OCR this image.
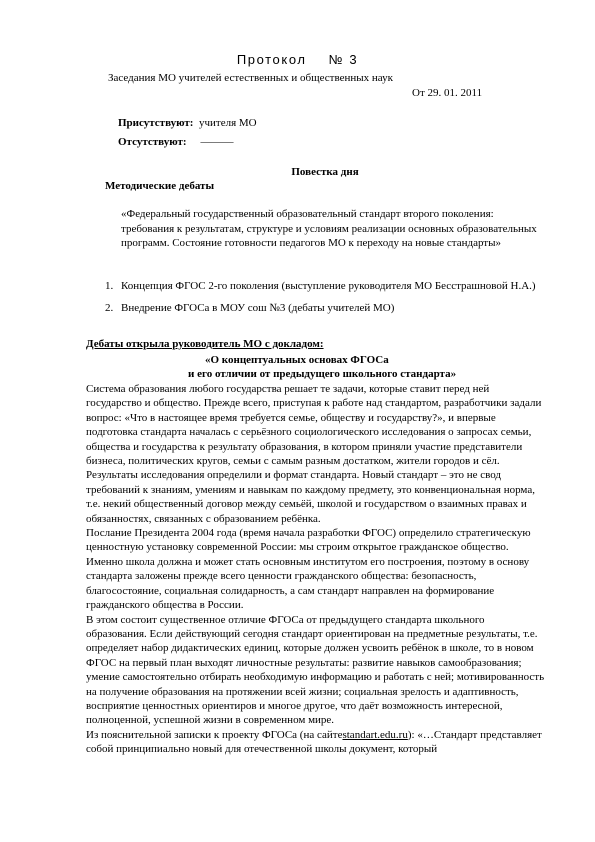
Протокол № 3
Заседания МО учителей естественных и общественных наук
От 29. 01. 2011
Присутствуют: учителя МО
Отсутствуют: ———
Повестка дня
Методические дебаты
«Федеральный государственный образовательный стандарт второго поколения: требования к результатам, структуре и условиям реализации основных образовательных программ. Состояние готовности педагогов МО к переходу на новые стандарты»
1. Концепция ФГОС 2-го поколения (выступление руководителя МО Бесстрашновой Н.А.)
2. Внедрение ФГОСа в МОУ сош №3 (дебаты учителей МО)
Дебаты открыла руководитель МО с докладом:
«О концептуальных основах ФГОСа
и его отличии от предыдущего школьного стандарта»

Система образования любого государства решает те задачи, которые ставит перед ней государство и общество. Прежде всего, приступая к работе над стандартом, разработчики задали вопрос: «Что в настоящее время требуется семье, обществу и государству?», и впервые подготовка стандарта началась с серьёзного социологического исследования о запросах семьи, общества и государства к результату образования, в котором приняли участие представители бизнеса, политических кругов, семьи с самым разным достатком, жители городов и сёл. Результаты исследования определили и формат стандарта. Новый стандарт – это не свод требований к знаниям, умениям и навыкам по каждому предмету, это конвенциональная норма, т.е. некий общественный договор между семьёй, школой и государством о взаимных правах и обязанностях, связанных с образованием ребёнка.

Послание Президента 2004 года (время начала разработки ФГОС) определило стратегическую ценностную установку современной России: мы строим открытое гражданское общество. Именно школа должна и может стать основным институтом его построения, поэтому в основу стандарта заложены прежде всего ценности гражданского общества: безопасность, благосостояние, социальная солидарность, а сам стандарт направлен на формирование гражданского общества в России.

В этом состоит существенное отличие ФГОСа от предыдущего стандарта школьного образования. Если действующий сегодня стандарт ориентирован на предметные результаты, т.е. определяет набор дидактических единиц, которые должен усвоить ребёнок в школе, то в новом ФГОС на первый план выходят личностные результаты: развитие навыков самообразования; умение самостоятельно отбирать необходимую информацию и работать с ней; мотивированность на получение образования на протяжении всей жизни; социальная зрелость и адаптивность, восприятие ценностных ориентиров и многое другое, что даёт возможность интересной, полноценной, успешной жизни в современном мире.

Из пояснительной записки к проекту ФГОСа (на сайтеstandart.edu.ru): «…Стандарт представляет собой принципиально новый для отечественной школы документ, который
